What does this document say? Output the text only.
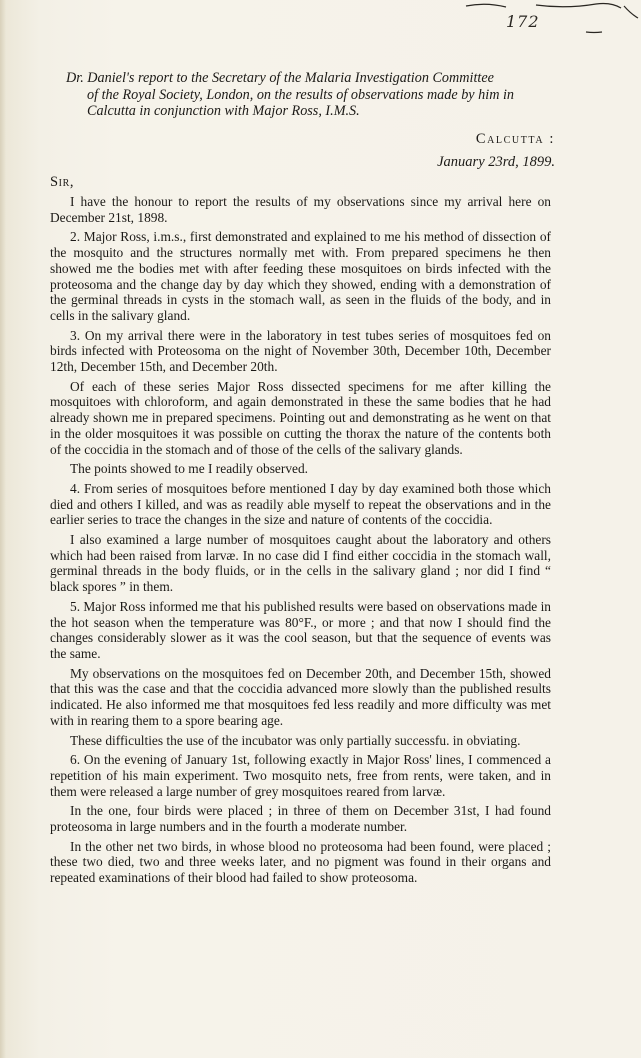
172
Dr. Daniel's report to the Secretary of the Malaria Investigation Committee
of the Royal Society, London, on the results of observations made by him in Calcutta in conjunction with Major Ross, I.M.S.
Calcutta :
January 23rd, 1899.
Sir,

I have the honour to report the results of my observations since my arrival here on December 21st, 1898.

2. Major Ross, i.m.s., first demonstrated and explained to me his method of dissection of the mosquito and the structures normally met with. From prepared specimens he then showed me the bodies met with after feeding these mosquitoes on birds infected with the proteosoma and the change day by day which they showed, ending with a demonstration of the germinal threads in cysts in the stomach wall, as seen in the fluids of the body, and in cells in the salivary gland.

3. On my arrival there were in the laboratory in test tubes series of mosquitoes fed on birds infected with Proteosoma on the night of November 30th, December 10th, December 12th, December 15th, and December 20th.

Of each of these series Major Ross dissected specimens for me after killing the mosquitoes with chloroform, and again demonstrated in these the same bodies that he had already shown me in prepared specimens. Pointing out and demonstrating as he went on that in the older mosquitoes it was possible on cutting the thorax the nature of the contents both of the coccidia in the stomach and of those of the cells of the salivary glands.

The points showed to me I readily observed.

4. From series of mosquitoes before mentioned I day by day examined both those which died and others I killed, and was as readily able myself to repeat the observations and in the earlier series to trace the changes in the size and nature of contents of the coccidia.

I also examined a large number of mosquitoes caught about the laboratory and others which had been raised from larvæ. In no case did I find either coccidia in the stomach wall, germinal threads in the body fluids, or in the cells in the salivary gland ; nor did I find “ black spores ” in them.

5. Major Ross informed me that his published results were based on observations made in the hot season when the temperature was 80°F., or more ; and that now I should find the changes considerably slower as it was the cool season, but that the sequence of events was the same.

My observations on the mosquitoes fed on December 20th, and December 15th, showed that this was the case and that the coccidia advanced more slowly than the published results indicated. He also informed me that mosquitoes fed less readily and more difficulty was met with in rearing them to a spore bearing age.

These difficulties the use of the incubator was only partially successfu. in obviating.

6. On the evening of January 1st, following exactly in Major Ross' lines, I commenced a repetition of his main experiment. Two mosquito nets, free from rents, were taken, and in them were released a large number of grey mosquitoes reared from larvæ.

In the one, four birds were placed ; in three of them on December 31st, I had found proteosoma in large numbers and in the fourth a moderate number.

In the other net two birds, in whose blood no proteosoma had been found, were placed ; these two died, two and three weeks later, and no pigment was found in their organs and repeated examinations of their blood had failed to show proteosoma.
